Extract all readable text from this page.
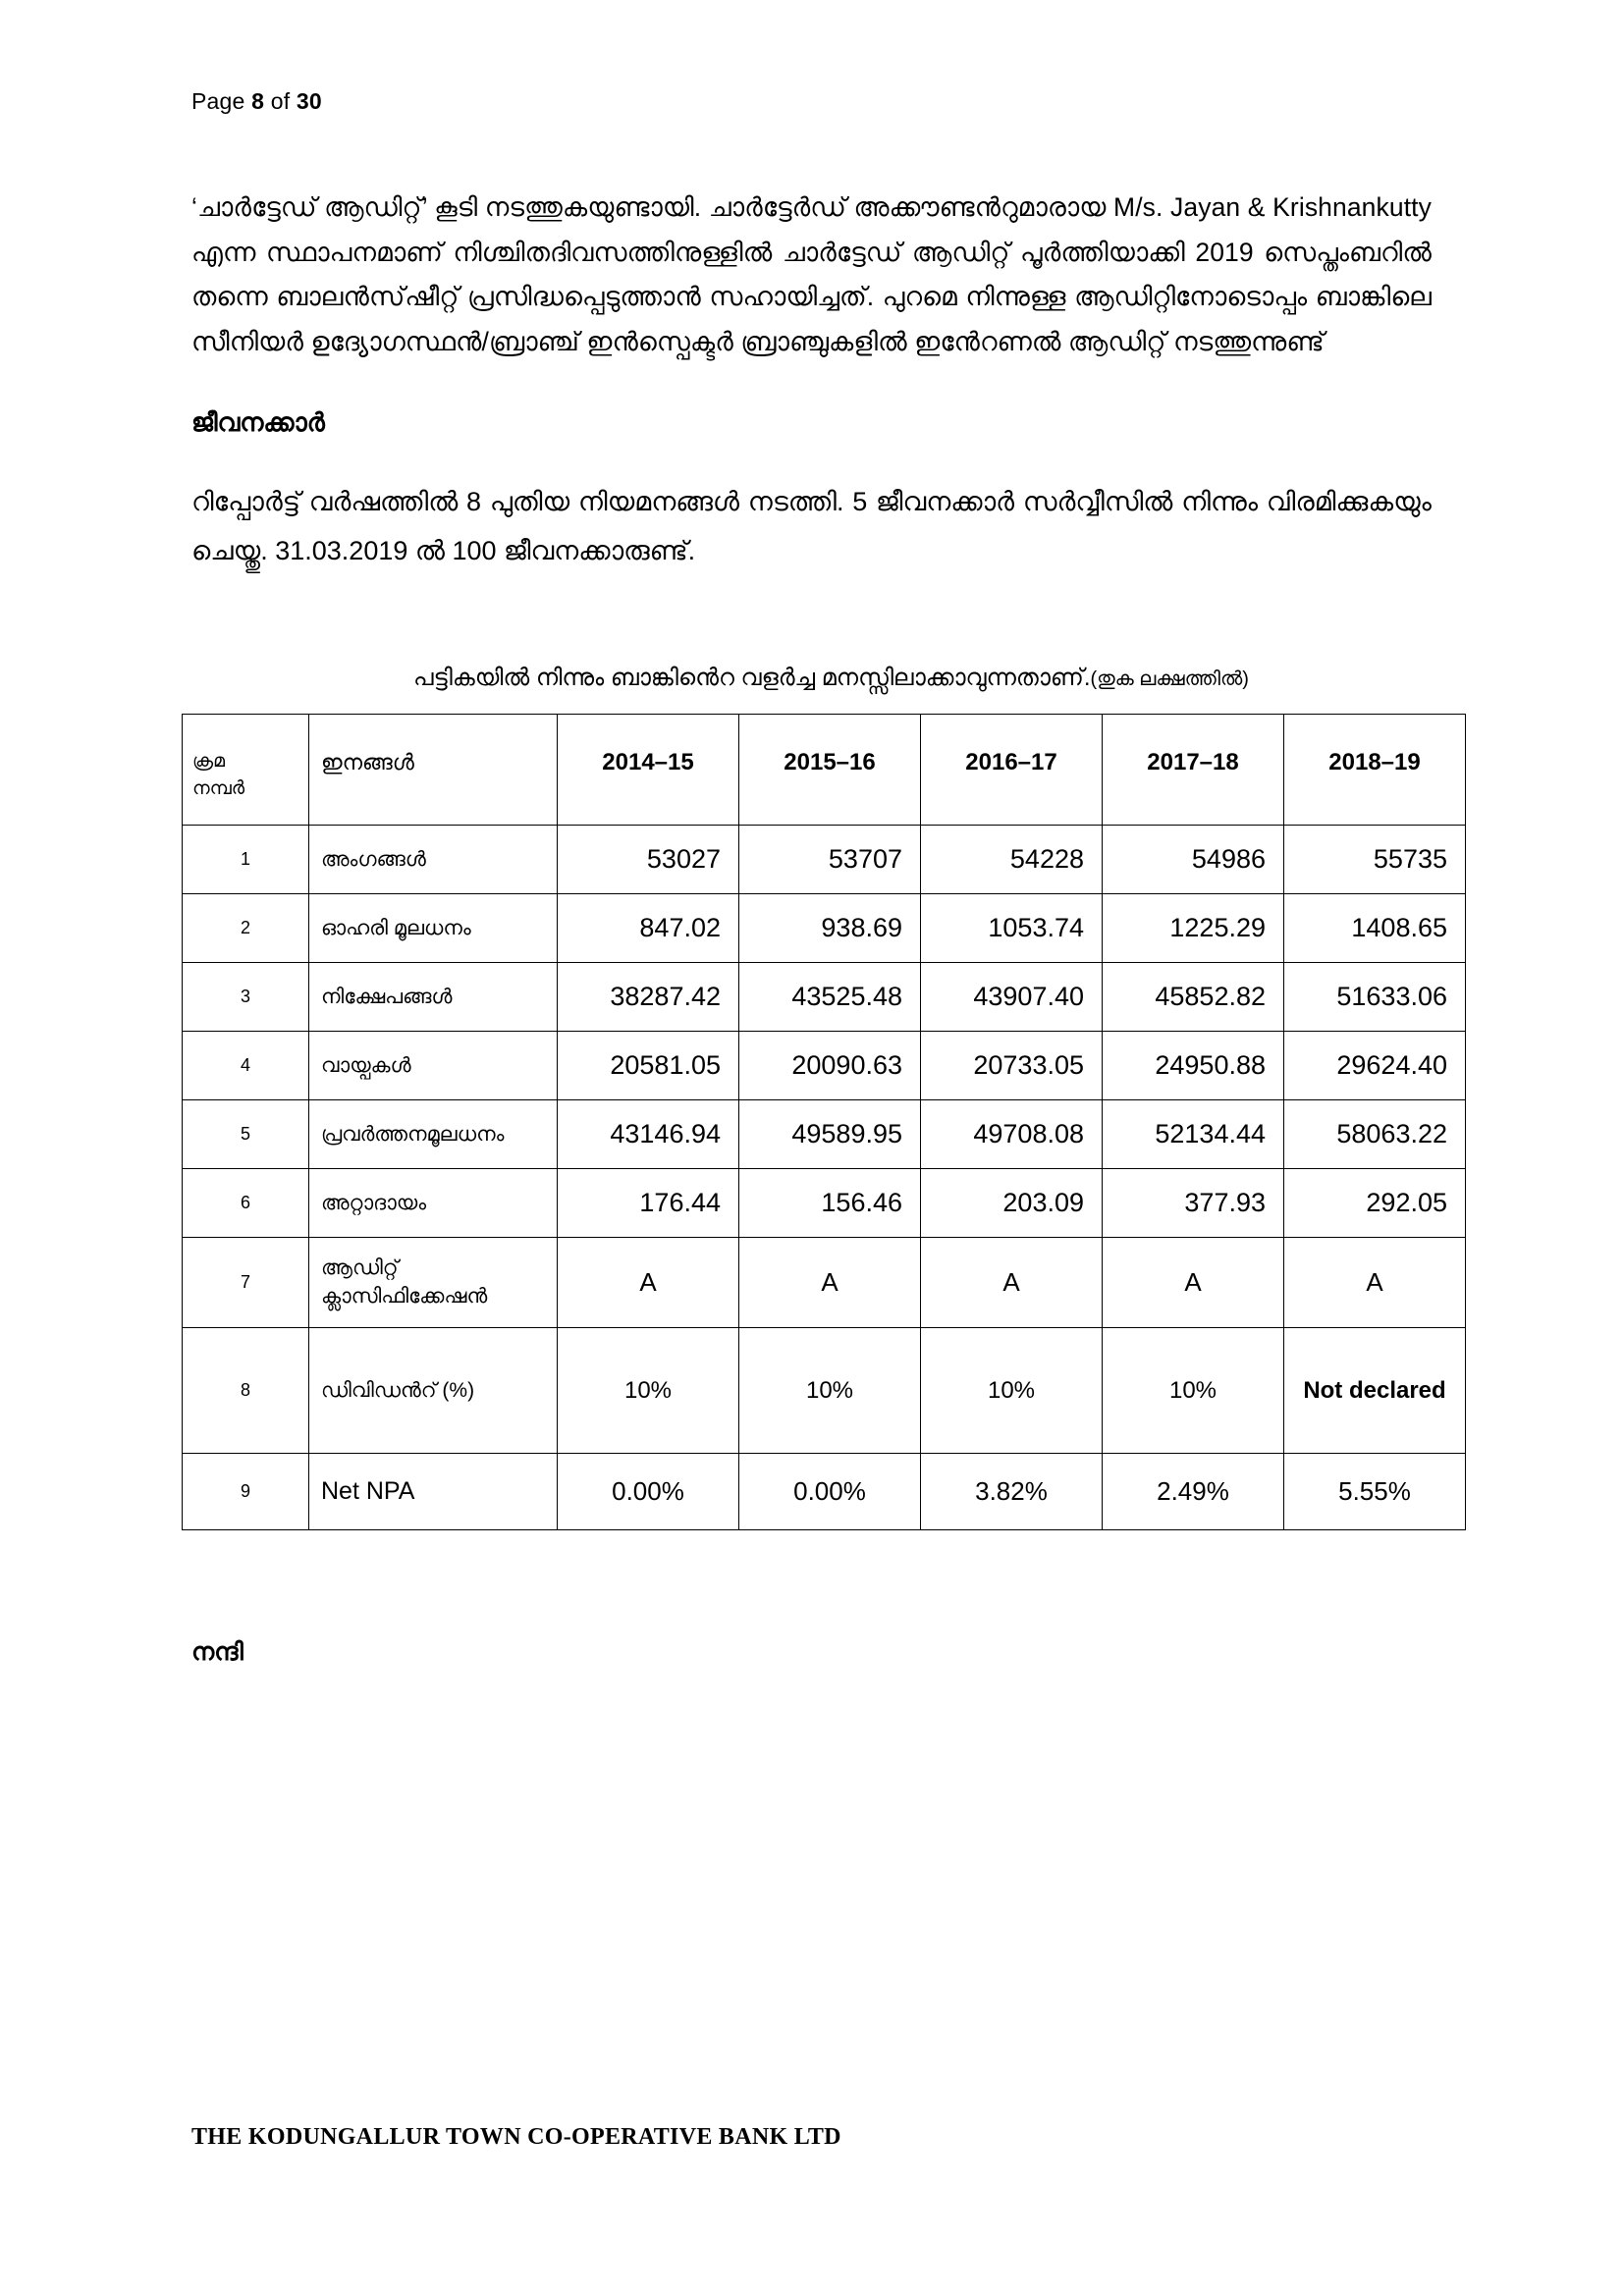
Page 8 of 30

‘ചാർട്ടേഡ് ആഡിറ്റ്’ കൂടി നടത്തുകയുണ്ടായി. ചാർട്ടേർഡ് അക്കൗണ്ടൻറുമാരായ M/s. Jayan & Krishnankutty എന്ന സ്ഥാപനമാണ് നിശ്ചിതദിവസത്തിനുള്ളിൽ ചാർട്ടേഡ് ആഡിറ്റ് പൂർത്തിയാക്കി 2019 സെപ്തംബറിൽ തന്നെ ബാലൻസ്‌ഷീറ്റ് പ്രസിദ്ധപ്പെടുത്താൻ സഹായിച്ചത്. പുറമെ നിന്നുള്ള ആഡിറ്റിനോടൊപ്പം ബാങ്കിലെ സീനിയർ ഉദ്യോഗസ്ഥൻ/ബ്രാഞ്ച് ഇൻസ്പെക്ടർ ബ്രാഞ്ചുകളിൽ ഇൻേറണൽ ആഡിറ്റ് നടത്തുന്നുണ്ട്

ജീവനക്കാർ

റിപ്പോർട്ട് വർഷത്തിൽ 8 പുതിയ നിയമനങ്ങൾ നടത്തി. 5 ജീവനക്കാർ സർവ്വീസിൽ നിന്നും വിരമിക്കുകയും ചെയ്തു. 31.03.2019 ൽ 100 ജീവനക്കാരുണ്ട്.

പട്ടികയിൽ നിന്നും ബാങ്കിൻെറ വളർച്ച മനസ്സിലാക്കാവുന്നതാണ്.(തുക ലക്ഷത്തിൽ)
ക്രമ
നമ്പർ	ഇനങ്ങൾ	2014–15	2015–16	2016–17	2017–18	2018–19
1	അംഗങ്ങൾ	53027	53707	54228	54986	55735
2	ഓഹരി മൂലധനം	847.02	938.69	1053.74	1225.29	1408.65
3	നിക്ഷേപങ്ങൾ	38287.42	43525.48	43907.40	45852.82	51633.06
4	വായ്പകൾ	20581.05	20090.63	20733.05	24950.88	29624.40
5	പ്രവർത്തനമൂലധനം	43146.94	49589.95	49708.08	52134.44	58063.22
6	അറ്റാദായം	176.44	156.46	203.09	377.93	292.05
7	ആഡിറ്റ് ക്ലാസിഫിക്കേഷൻ	A	A	A	A	A
8	ഡിവിഡൻറ് (%)	10%	10%	10%	10%	Not declared
9	Net NPA	0.00%	0.00%	3.82%	2.49%	5.55%
നന്ദി
THE KODUNGALLUR TOWN CO-OPERATIVE BANK LTD
